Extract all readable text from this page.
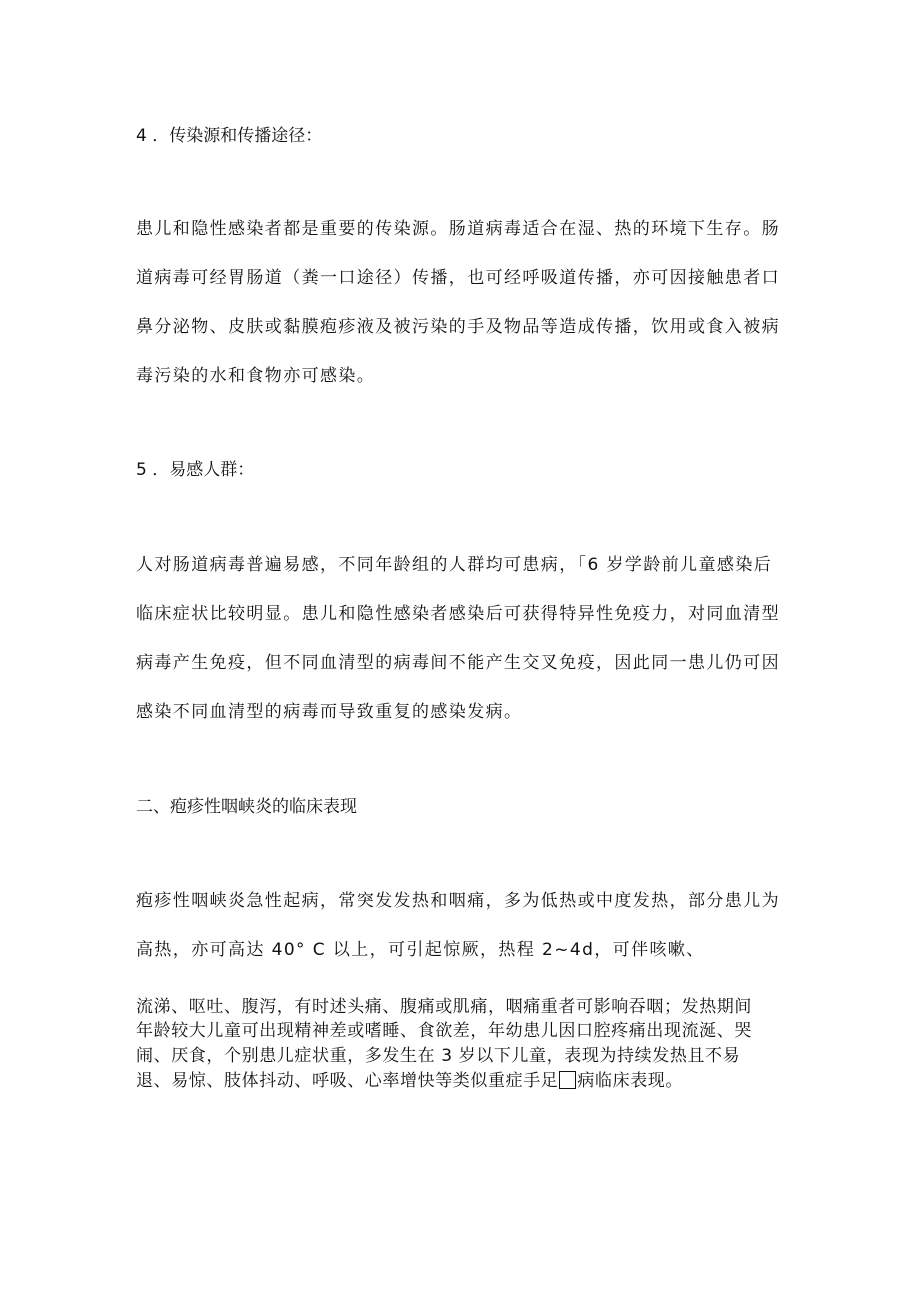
4 ．传染源和传播途径：
患儿和隐性感染者都是重要的传染源。肠道病毒适合在湿、热的环境下生存。肠
道病毒可经胃肠道（粪一口途径）传播，也可经呼吸道传播，亦可因接触患者口
鼻分泌物、皮肤或黏膜疱疹液及被污染的手及物品等造成传播，饮用或食入被病
毒污染的水和食物亦可感染。
5 ．易感人群：
人对肠道病毒普遍易感，不同年龄组的人群均可患病，「6 岁学龄前儿童感染后
临床症状比较明显。患儿和隐性感染者感染后可获得特异性免疫力，对同血清型
病毒产生免疫，但不同血清型的病毒间不能产生交叉免疫，因此同一患儿仍可因
感染不同血清型的病毒而导致重复的感染发病。
二、疱疹性咽峡炎的临床表现
疱疹性咽峡炎急性起病，常突发发热和咽痛，多为低热或中度发热，部分患儿为
高热，亦可高达 40° C 以上，可引起惊厥，热程 2~4d，可伴咳嗽、
流涕、呕吐、腹泻，有时述头痛、腹痛或肌痛，咽痛重者可影响吞咽；发热期间
年龄较大儿童可出现精神差或嗜睡、食欲差，年幼患儿因口腔疼痛出现流涎、哭
闹、厌食，个别患儿症状重，多发生在 3 岁以下儿童，表现为持续发热且不易
退、易惊、肢体抖动、呼吸、心率增快等类似重症手足 病临床表现。
